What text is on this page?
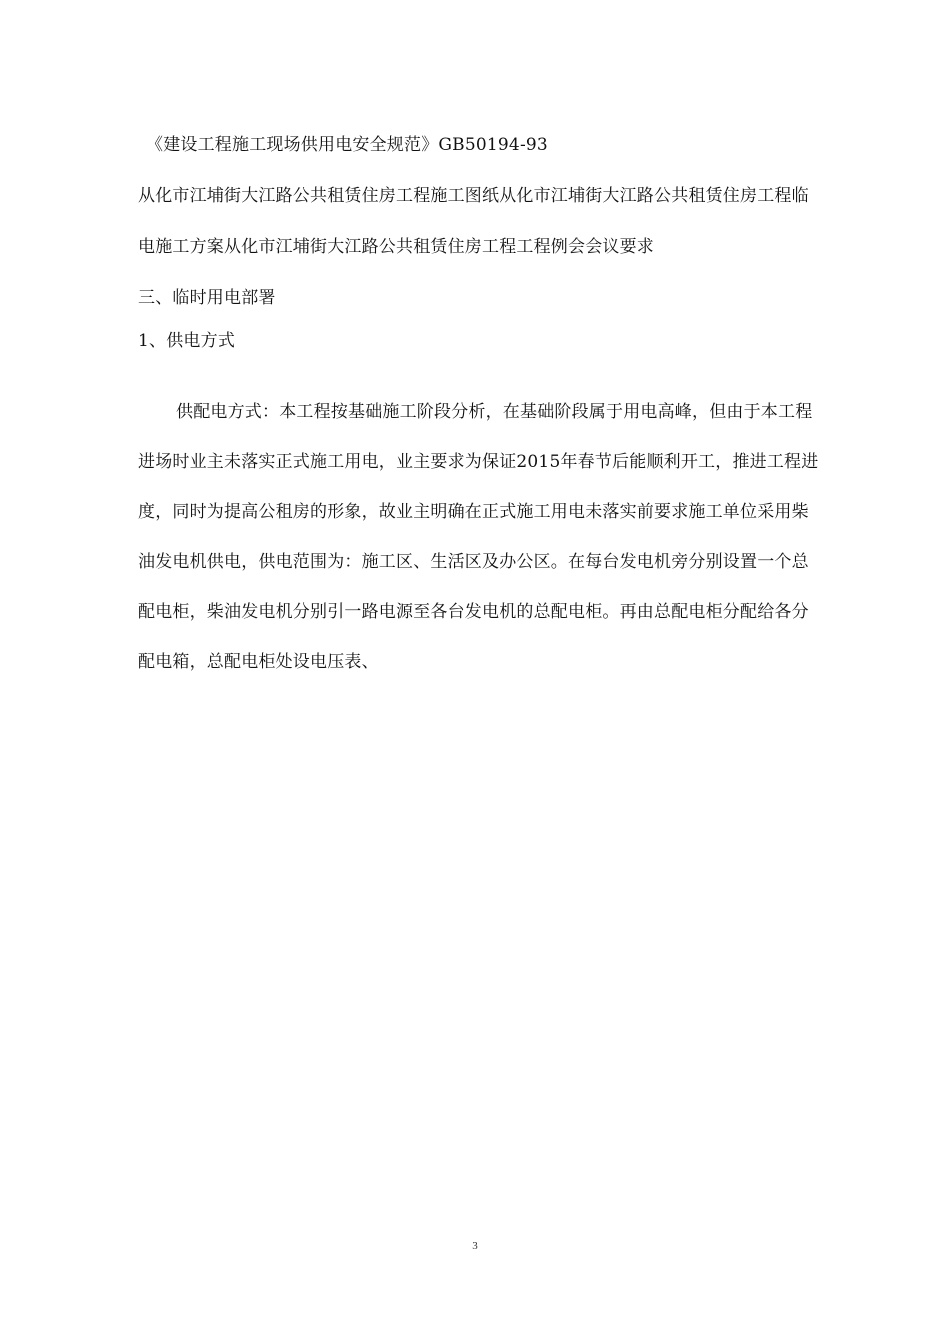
《建设工程施工现场供用电安全规范》GB50194-93
从化市江埔街大江路公共租赁住房工程施工图纸从化市江埔街大江路公共租赁住房工程临
电施工方案从化市江埔街大江路公共租赁住房工程工程例会会议要求
三、临时用电部署
1、供电方式
供配电方式：本工程按基础施工阶段分析，在基础阶段属于用电高峰，但由于本工程
进场时业主未落实正式施工用电，业主要求为保证2015年春节后能顺利开工，推进工程进
度，同时为提高公租房的形象，故业主明确在正式施工用电未落实前要求施工单位采用柴
油发电机供电，供电范围为：施工区、生活区及办公区。在每台发电机旁分别设置一个总
配电柜，柴油发电机分别引一路电源至各台发电机的总配电柜。再由总配电柜分配给各分
配电箱，总配电柜处设电压表、
3
